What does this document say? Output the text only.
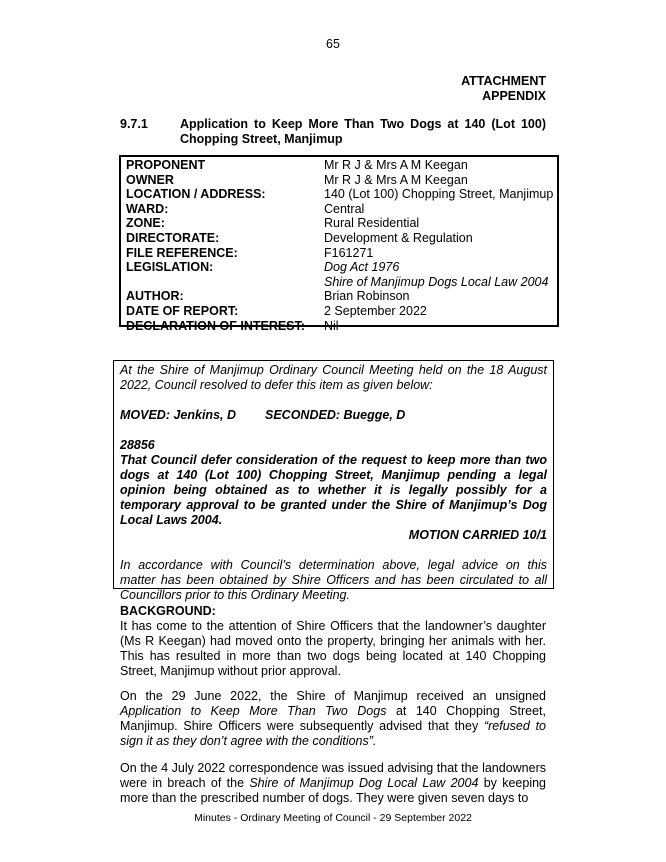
65
ATTACHMENT
APPENDIX
9.7.1	Application to Keep More Than Two Dogs at 140 (Lot 100) Chopping Street, Manjimup
PROPONENT	Mr R J & Mrs A M Keegan
OWNER	Mr R J & Mrs A M Keegan
LOCATION / ADDRESS:	140 (Lot 100) Chopping Street, Manjimup
WARD:	Central
ZONE:	Rural Residential
DIRECTORATE:	Development & Regulation
FILE REFERENCE:	F161271
LEGISLATION:	Dog Act 1976
Shire of Manjimup Dogs Local Law 2004
AUTHOR:	Brian Robinson
DATE OF REPORT:	2 September 2022
DECLARATION OF INTEREST:	Nil

At the Shire of Manjimup Ordinary Council Meeting held on the 18 August 2022, Council resolved to defer this item as given below:

MOVED: Jenkins, D SECONDED: Buegge, D

28856

That Council defer consideration of the request to keep more than two dogs at 140 (Lot 100) Chopping Street, Manjimup pending a legal opinion being obtained as to whether it is legally possibly for a temporary approval to be granted under the Shire of Manjimup’s Dog Local Laws 2004.

MOTION CARRIED 10/1

In accordance with Council’s determination above, legal advice on this matter has been obtained by Shire Officers and has been circulated to all Councillors prior to this Ordinary Meeting.

BACKGROUND:

It has come to the attention of Shire Officers that the landowner’s daughter (Ms R Keegan) had moved onto the property, bringing her animals with her. This has resulted in more than two dogs being located at 140 Chopping Street, Manjimup without prior approval.

On the 29 June 2022, the Shire of Manjimup received an unsigned Application to Keep More Than Two Dogs at 140 Chopping Street, Manjimup. Shire Officers were subsequently advised that they “refused to sign it as they don’t agree with the conditions”.

On the 4 July 2022 correspondence was issued advising that the landowners were in breach of the Shire of Manjimup Dog Local Law 2004 by keeping more than the prescribed number of dogs. They were given seven days to

Minutes - Ordinary Meeting of Council - 29 September 2022
